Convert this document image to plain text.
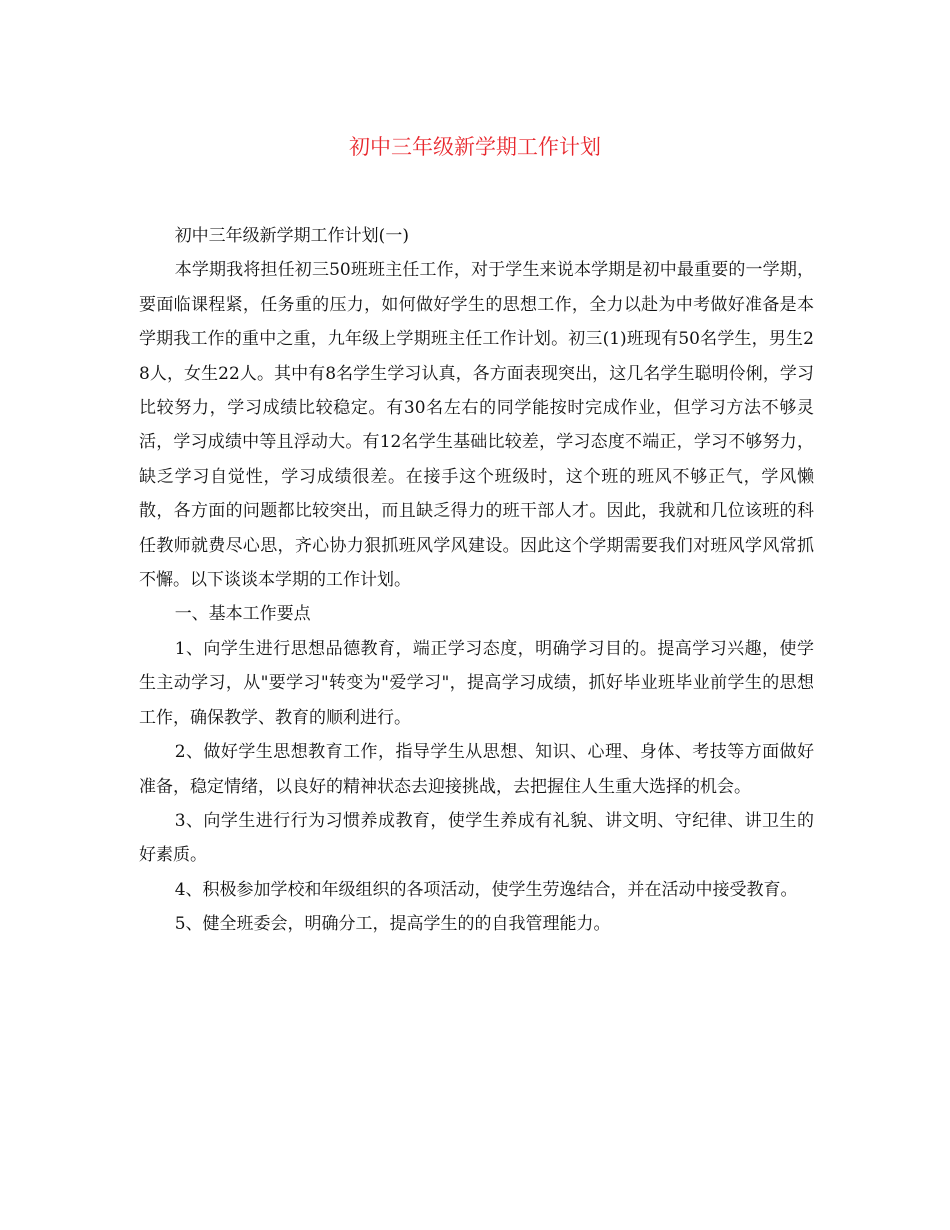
初中三年级新学期工作计划

初中三年级新学期工作计划(一)

本学期我将担任初三50班班主任工作，对于学生来说本学期是初中最重要的一学期，要面临课程紧，任务重的压力，如何做好学生的思想工作，全力以赴为中考做好准备是本学期我工作的重中之重，九年级上学期班主任工作计划。初三(1)班现有50名学生，男生28人，女生22人。其中有8名学生学习认真，各方面表现突出，这几名学生聪明伶俐，学习比较努力，学习成绩比较稳定。有30名左右的同学能按时完成作业，但学习方法不够灵活，学习成绩中等且浮动大。有12名学生基础比较差，学习态度不端正，学习不够努力，缺乏学习自觉性，学习成绩很差。在接手这个班级时，这个班的班风不够正气，学风懒散，各方面的问题都比较突出，而且缺乏得力的班干部人才。因此，我就和几位该班的科任教师就费尽心思，齐心协力狠抓班风学风建设。因此这个学期需要我们对班风学风常抓不懈。以下谈谈本学期的工作计划。

一、基本工作要点

1、向学生进行思想品德教育，端正学习态度，明确学习目的。提高学习兴趣，使学生主动学习，从"要学习"转变为"爱学习"，提高学习成绩，抓好毕业班毕业前学生的思想工作，确保教学、教育的顺利进行。

2、做好学生思想教育工作，指导学生从思想、知识、心理、身体、考技等方面做好准备，稳定情绪，以良好的精神状态去迎接挑战，去把握住人生重大选择的机会。

3、向学生进行行为习惯养成教育，使学生养成有礼貌、讲文明、守纪律、讲卫生的好素质。

4、积极参加学校和年级组织的各项活动，使学生劳逸结合，并在活动中接受教育。

5、健全班委会，明确分工，提高学生的的自我管理能力。
